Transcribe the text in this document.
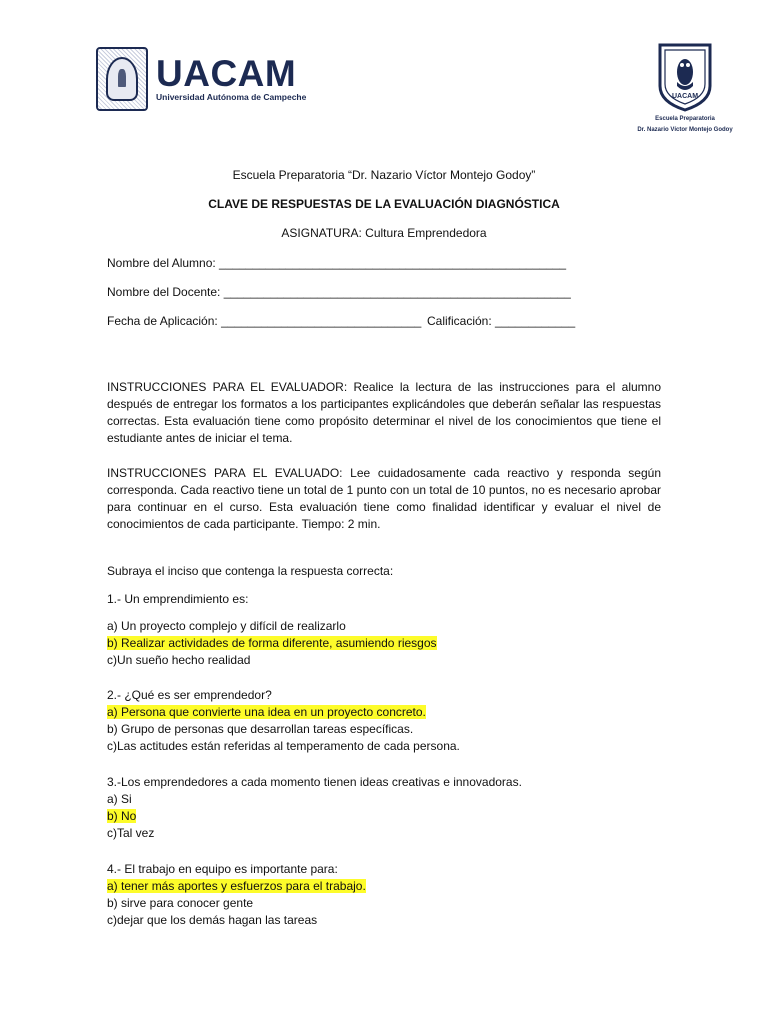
UACAM
Universidad Autónoma de Campeche	UACAM
Escuela Preparatoria
Dr. Nazario Víctor Montejo Godoy
Escuela Preparatoria “Dr. Nazario Víctor Montejo Godoy”
CLAVE DE RESPUESTAS DE LA EVALUACIÓN DIAGNÓSTICA
ASIGNATURA: Cultura Emprendedora
Nombre del Alumno: ____________________________________________________
Nombre del Docente: ____________________________________________________
Fecha de Aplicación: ______________________________ Calificación: ____________
INSTRUCCIONES PARA EL EVALUADOR: Realice la lectura de las instrucciones para el alumno después de entregar los formatos a los participantes explicándoles que deberán señalar las respuestas correctas. Esta evaluación tiene como propósito determinar el nivel de los conocimientos que tiene el estudiante antes de iniciar el tema.
INSTRUCCIONES PARA EL EVALUADO: Lee cuidadosamente cada reactivo y responda según corresponda. Cada reactivo tiene un total de 1 punto con un total de 10 puntos, no es necesario aprobar para continuar en el curso. Esta evaluación tiene como finalidad identificar y evaluar el nivel de conocimientos de cada participante. Tiempo: 2 min.
Subraya el inciso que contenga la respuesta correcta:
1.- Un emprendimiento es:
a) Un proyecto complejo y difícil de realizarlo
b) Realizar actividades de forma diferente, asumiendo riesgos
c)Un sueño hecho realidad
2.- ¿Qué es ser emprendedor?
a) Persona que convierte una idea en un proyecto concreto.
b) Grupo de personas que desarrollan tareas específicas.
c)Las actitudes están referidas al temperamento de cada persona.
3.-Los emprendedores a cada momento tienen ideas creativas e innovadoras.
a) Si
b) No
c)Tal vez
4.- El trabajo en equipo es importante para:
a) tener más aportes y esfuerzos para el trabajo.
b) sirve para conocer gente
c)dejar que los demás hagan las tareas
